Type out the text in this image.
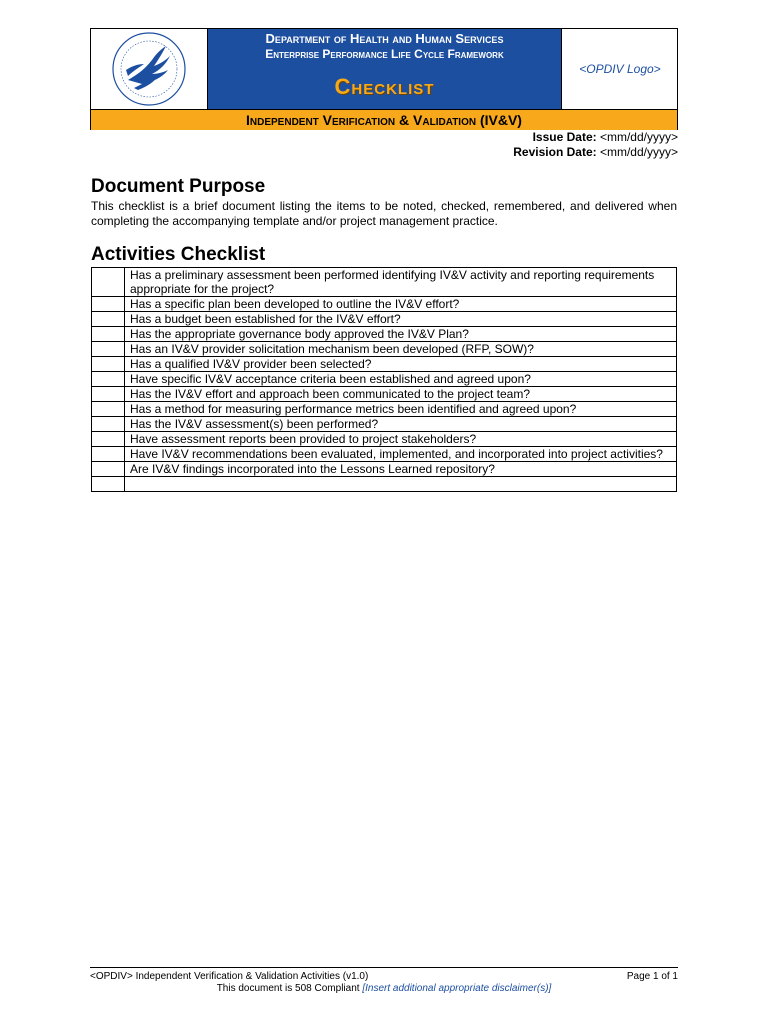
Department of Health and Human Services
Enterprise Performance Life Cycle Framework
Checklist
<OPDIV Logo>
Independent Verification & Validation (IV&V)
Issue Date: <mm/dd/yyyy>
Revision Date: <mm/dd/yyyy>
Document Purpose
This checklist is a brief document listing the items to be noted, checked, remembered, and delivered when completing the accompanying template and/or project management practice.
Activities Checklist
	Has a preliminary assessment been performed identifying IV&V activity and reporting requirements appropriate for the project?
	Has a specific plan been developed to outline the IV&V effort?
	Has a budget been established for the IV&V effort?
	Has the appropriate governance body approved the IV&V Plan?
	Has an IV&V provider solicitation mechanism been developed (RFP, SOW)?
	Has a qualified IV&V provider been selected?
	Have specific IV&V acceptance criteria been established and agreed upon?
	Has the IV&V effort and approach been communicated to the project team?
	Has a method for measuring performance metrics been identified and agreed upon?
	Has the IV&V assessment(s) been performed?
	Have assessment reports been provided to project stakeholders?
	Have IV&V recommendations been evaluated, implemented, and incorporated into project activities?
	Are IV&V findings incorporated into the Lessons Learned repository?

<OPDIV> Independent Verification & Validation Activities (v1.0)	Page 1 of 1
This document is 508 Compliant [Insert additional appropriate disclaimer(s)]
